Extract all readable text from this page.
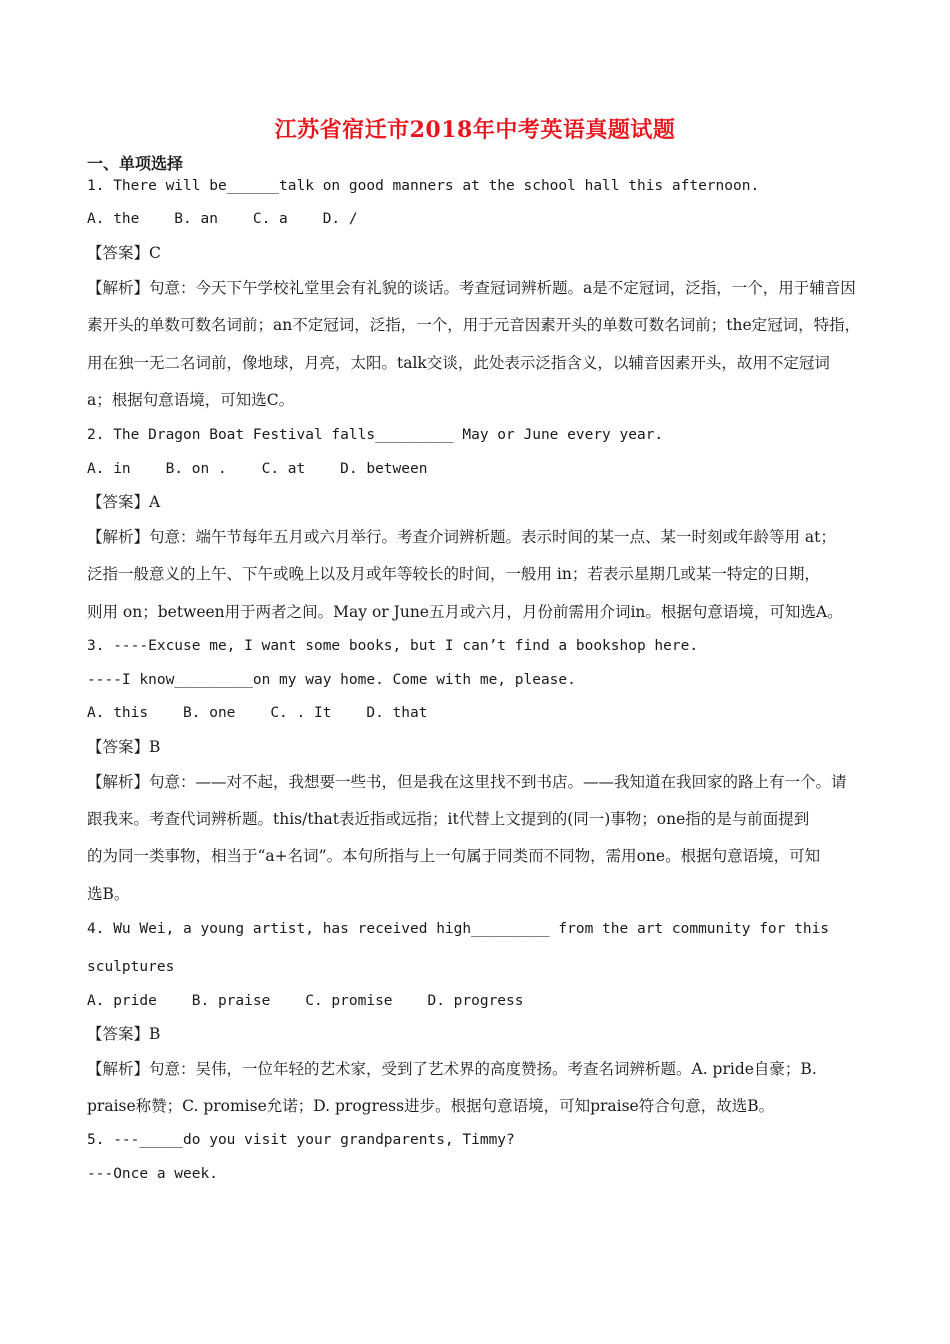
江苏省宿迁市2018年中考英语真题试题
一、单项选择
1. There will be______talk on good manners at the school hall this afternoon.
A. the    B. an    C. a    D. /
【答案】C
【解析】句意：今天下午学校礼堂里会有礼貌的谈话。考查冠词辨析题。a是不定冠词，泛指，一个，用于辅音因
素开头的单数可数名词前；an不定冠词，泛指，一个，用于元音因素开头的单数可数名词前；the定冠词，特指，
用在独一无二名词前，像地球，月亮，太阳。talk交谈，此处表示泛指含义，以辅音因素开头，故用不定冠词
a；根据句意语境，可知选C。
2. The Dragon Boat Festival falls_________ May or June every year.
A. in    B. on .    C. at    D. between
【答案】A
【解析】句意：端午节每年五月或六月举行。考查介词辨析题。表示时间的某一点、某一时刻或年龄等用 at；
泛指一般意义的上午、下午或晚上以及月或年等较长的时间，一般用 in；若表示星期几或某一特定的日期，
则用 on；between用于两者之间。May or June五月或六月，月份前需用介词in。根据句意语境，可知选A。
3. ----Excuse me, I want some books, but I can’t find a bookshop here.
----I know_________on my way home. Come with me, please.
A. this    B. one    C. . It    D. that
【答案】B
【解析】句意：——对不起，我想要一些书，但是我在这里找不到书店。——我知道在我回家的路上有一个。请
跟我来。考查代词辨析题。this/that表近指或远指；it代替上文提到的(同一)事物；one指的是与前面提到
的为同一类事物，相当于“a+名词”。本句所指与上一句属于同类而不同物，需用one。根据句意语境，可知
选B。
4. Wu Wei, a young artist, has received high_________ from the art community for this
sculptures
A. pride    B. praise    C. promise    D. progress
【答案】B
【解析】句意：吴伟，一位年轻的艺术家，受到了艺术界的高度赞扬。考查名词辨析题。A. pride自豪；B.
praise称赞；C. promise允诺；D. progress进步。根据句意语境，可知praise符合句意，故选B。
5. ---_____do you visit your grandparents, Timmy?
---Once a week.
